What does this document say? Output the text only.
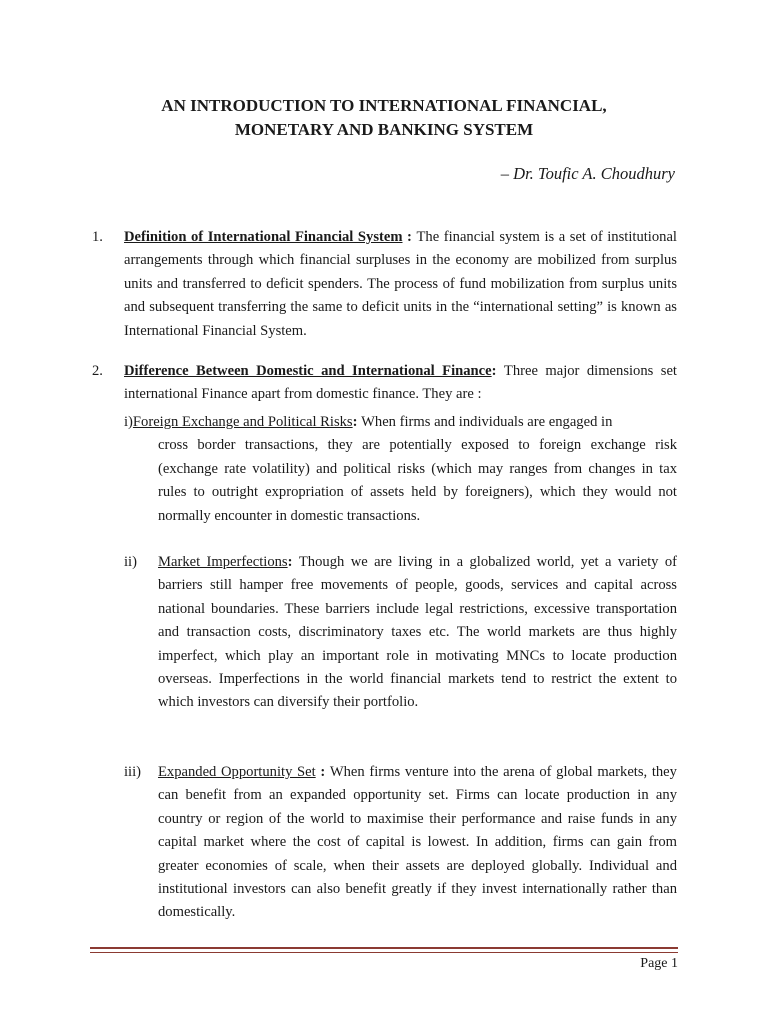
AN INTRODUCTION TO INTERNATIONAL FINANCIAL,
MONETARY AND BANKING SYSTEM
– Dr. Toufic A. Choudhury
1. Definition of International Financial System : The financial system is a set of institutional arrangements through which financial surpluses in the economy are mobilized from surplus units and transferred to deficit spenders. The process of fund mobilization from surplus units and subsequent transferring the same to deficit units in the “international setting” is known as International Financial System.
2. Difference Between Domestic and International Finance: Three major dimensions set international Finance apart from domestic finance. They are :
i)Foreign Exchange and Political Risks: When firms and individuals are engaged in
cross border transactions, they are potentially exposed to foreign exchange risk (exchange rate volatility) and political risks (which may ranges from changes in tax rules to outright expropriation of assets held by foreigners), which they would not normally encounter in domestic transactions.
ii) Market Imperfections: Though we are living in a globalized world, yet a variety of barriers still hamper free movements of people, goods, services and capital across national boundaries. These barriers include legal restrictions, excessive transportation and transaction costs, discriminatory taxes etc. The world markets are thus highly imperfect, which play an important role in motivating MNCs to locate production overseas. Imperfections in the world financial markets tend to restrict the extent to which investors can diversify their portfolio.
iii) Expanded Opportunity Set : When firms venture into the arena of global markets, they can benefit from an expanded opportunity set. Firms can locate production in any country or region of the world to maximise their performance and raise funds in any capital market where the cost of capital is lowest. In addition, firms can gain from greater economies of scale, when their assets are deployed globally. Individual and institutional investors can also benefit greatly if they invest internationally rather than domestically.
Page 1
